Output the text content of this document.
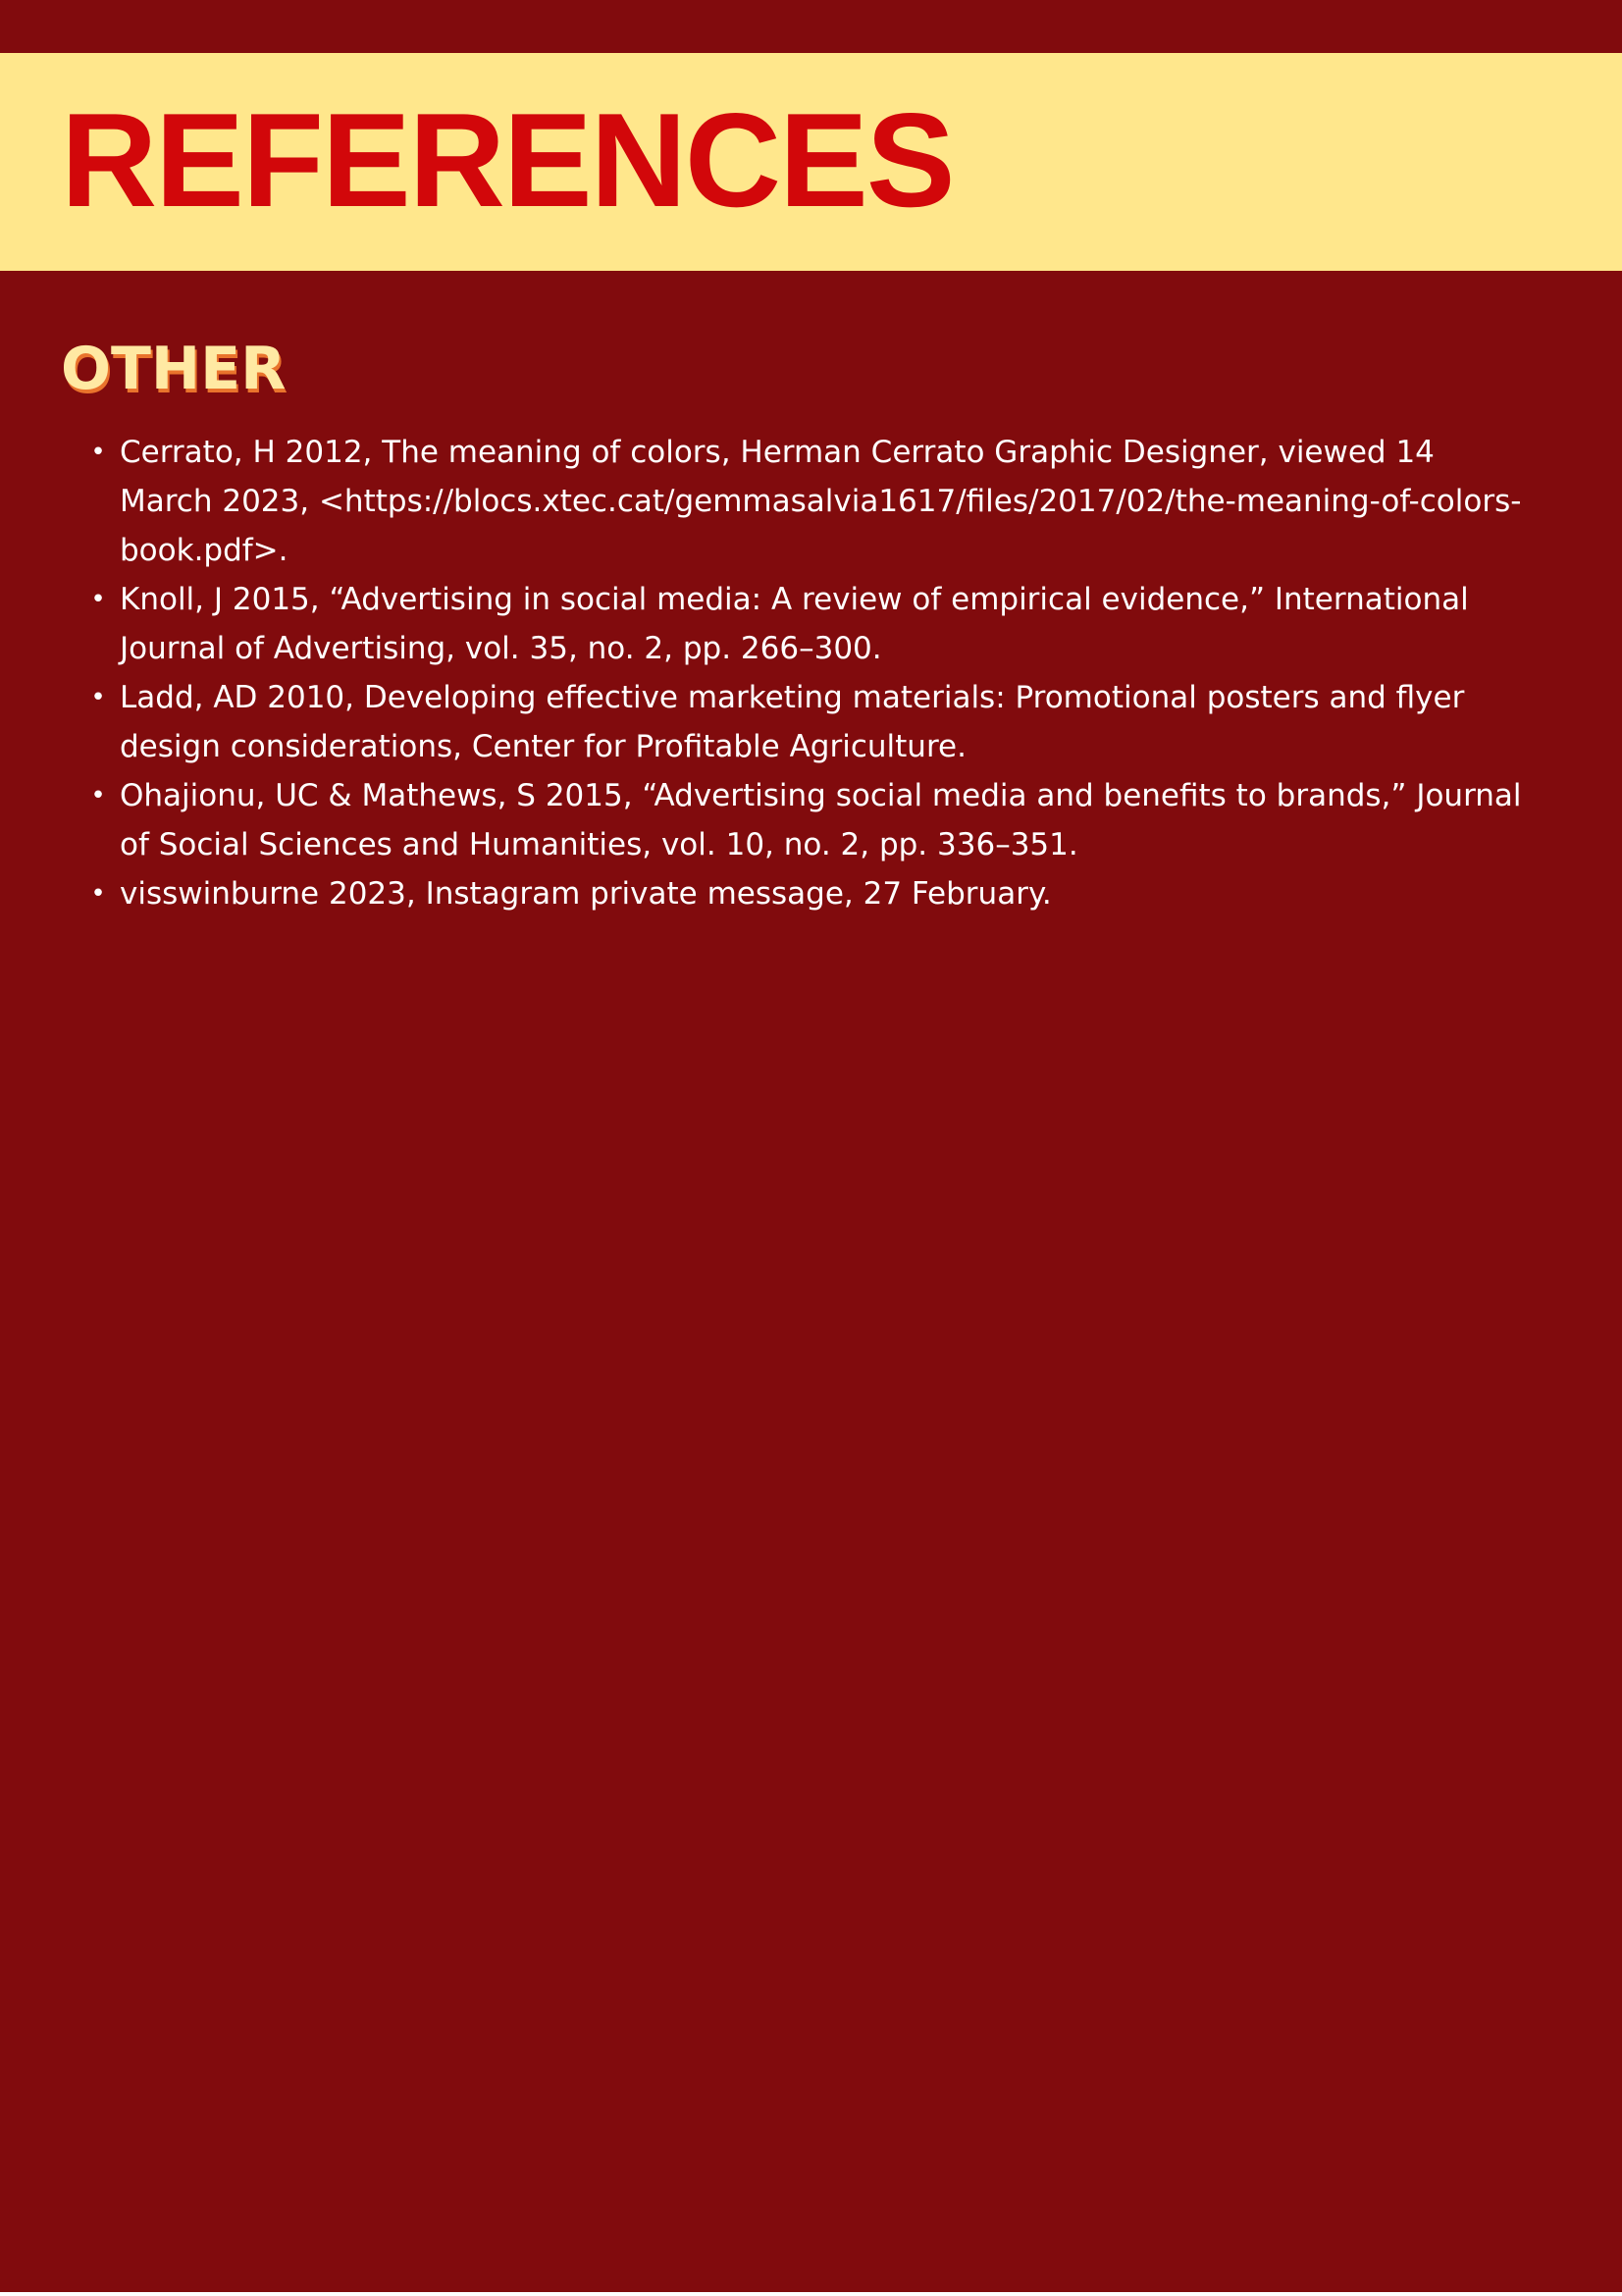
REFERENCES
OTHER
• Cerrato, H 2012, The meaning of colors, Herman Cerrato Graphic Designer, viewed 14 March 2023, <https://blocs.xtec.cat/gemmasalvia1617/files/2017/02/the-meaning-of-colors-book.pdf>.
• Knoll, J 2015, “Advertising in social media: A review of empirical evidence,” International Journal of Advertising, vol. 35, no. 2, pp. 266–300.
• Ladd, AD 2010, Developing effective marketing materials: Promotional posters and flyer design considerations, Center for Profitable Agriculture.
• Ohajionu, UC & Mathews, S 2015, “Advertising social media and benefits to brands,” Journal of Social Sciences and Humanities, vol. 10, no. 2, pp. 336–351.
• visswinburne 2023, Instagram private message, 27 February.
